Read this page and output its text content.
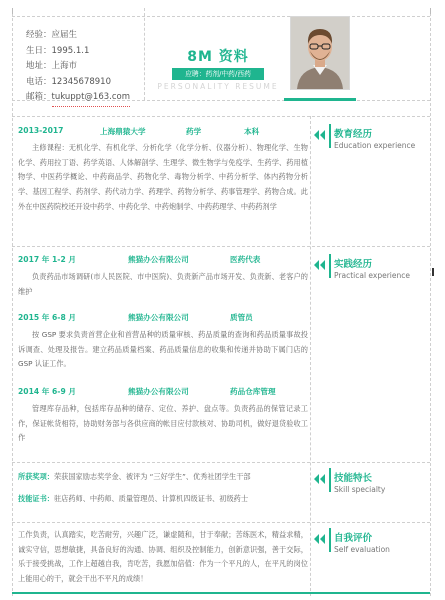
经验：应届生
生日：1995.1.1
地址：上海市
电话：12345678910
邮箱：tukuppt@163.com
8M 资料
应聘：药剂/中药/西药
PERSONALITY RESUME
2013-2017	上海鼎猿大学	药学	本科
主修课程：无机化学、有机化学、分析化学（化学分析、仪器分析）、物理化学、生物化学、药用拉丁语、药学英语、人体解剖学、生理学、微生物学与免疫学、生药学、药用植物学、中医药学概论、中药商品学、药物化学、毒物分析学、中药分析学、体内药物分析学、基因工程学、药剂学、药代动力学、药理学、药物分析学、药事管理学、药物合成。此外在中医药院校还开设中药学、中药化学、中药炮制学、中药药理学、中药药剂学
教育经历
Education experience
2017 年 1-2 月	熊猫办公有限公司	医药代表
负责药品市场调研(市人民医院、市中医院)、负责新产品市场开发、负责新、老客户的维护
2015 年 6-8 月	熊猫办公有限公司	质管员
按 GSP 要求负责首营企业和首营品种的质量审核、药品质量的查询和药品质量事故投诉调查、处理及报告。建立药品质量档案、药品质量信息的收集和传递并协助下属门店的 GSP 认证工作。
2014 年 6-9 月	熊猫办公有限公司	药品仓库管理
管理库存品种，包括库存品种的储存、定位、养护、盘点等。负责药品的保管记录工作，保证帐货相符，协助财务部与各供应商的帐目应付款核对、协助司机，做好退货验收工作
实践经历
Practical experience
所获奖项：荣获国家励志奖学金、被评为 “三好学生”、优秀社团学生干部
技能证书：驻店药师、中药师、质量管理员、计算机四级证书、初级药士
技能特长
Skill specialty
工作负责，认真踏实，吃苦耐劳，兴趣广泛，谦虚随和，甘于奉献；苦练医术，精益求精，诚实守信，思想敏捷，具备良好的沟通、协调、组织及控制能力，创新意识强，善于交际，乐于接受挑战，工作上超越自我，肯吃苦，我愿加倍值：作为一个平凡的人，在平凡的岗位上能用心的干，就会干出不平凡的成绩！
自我评价
Self evaluation
